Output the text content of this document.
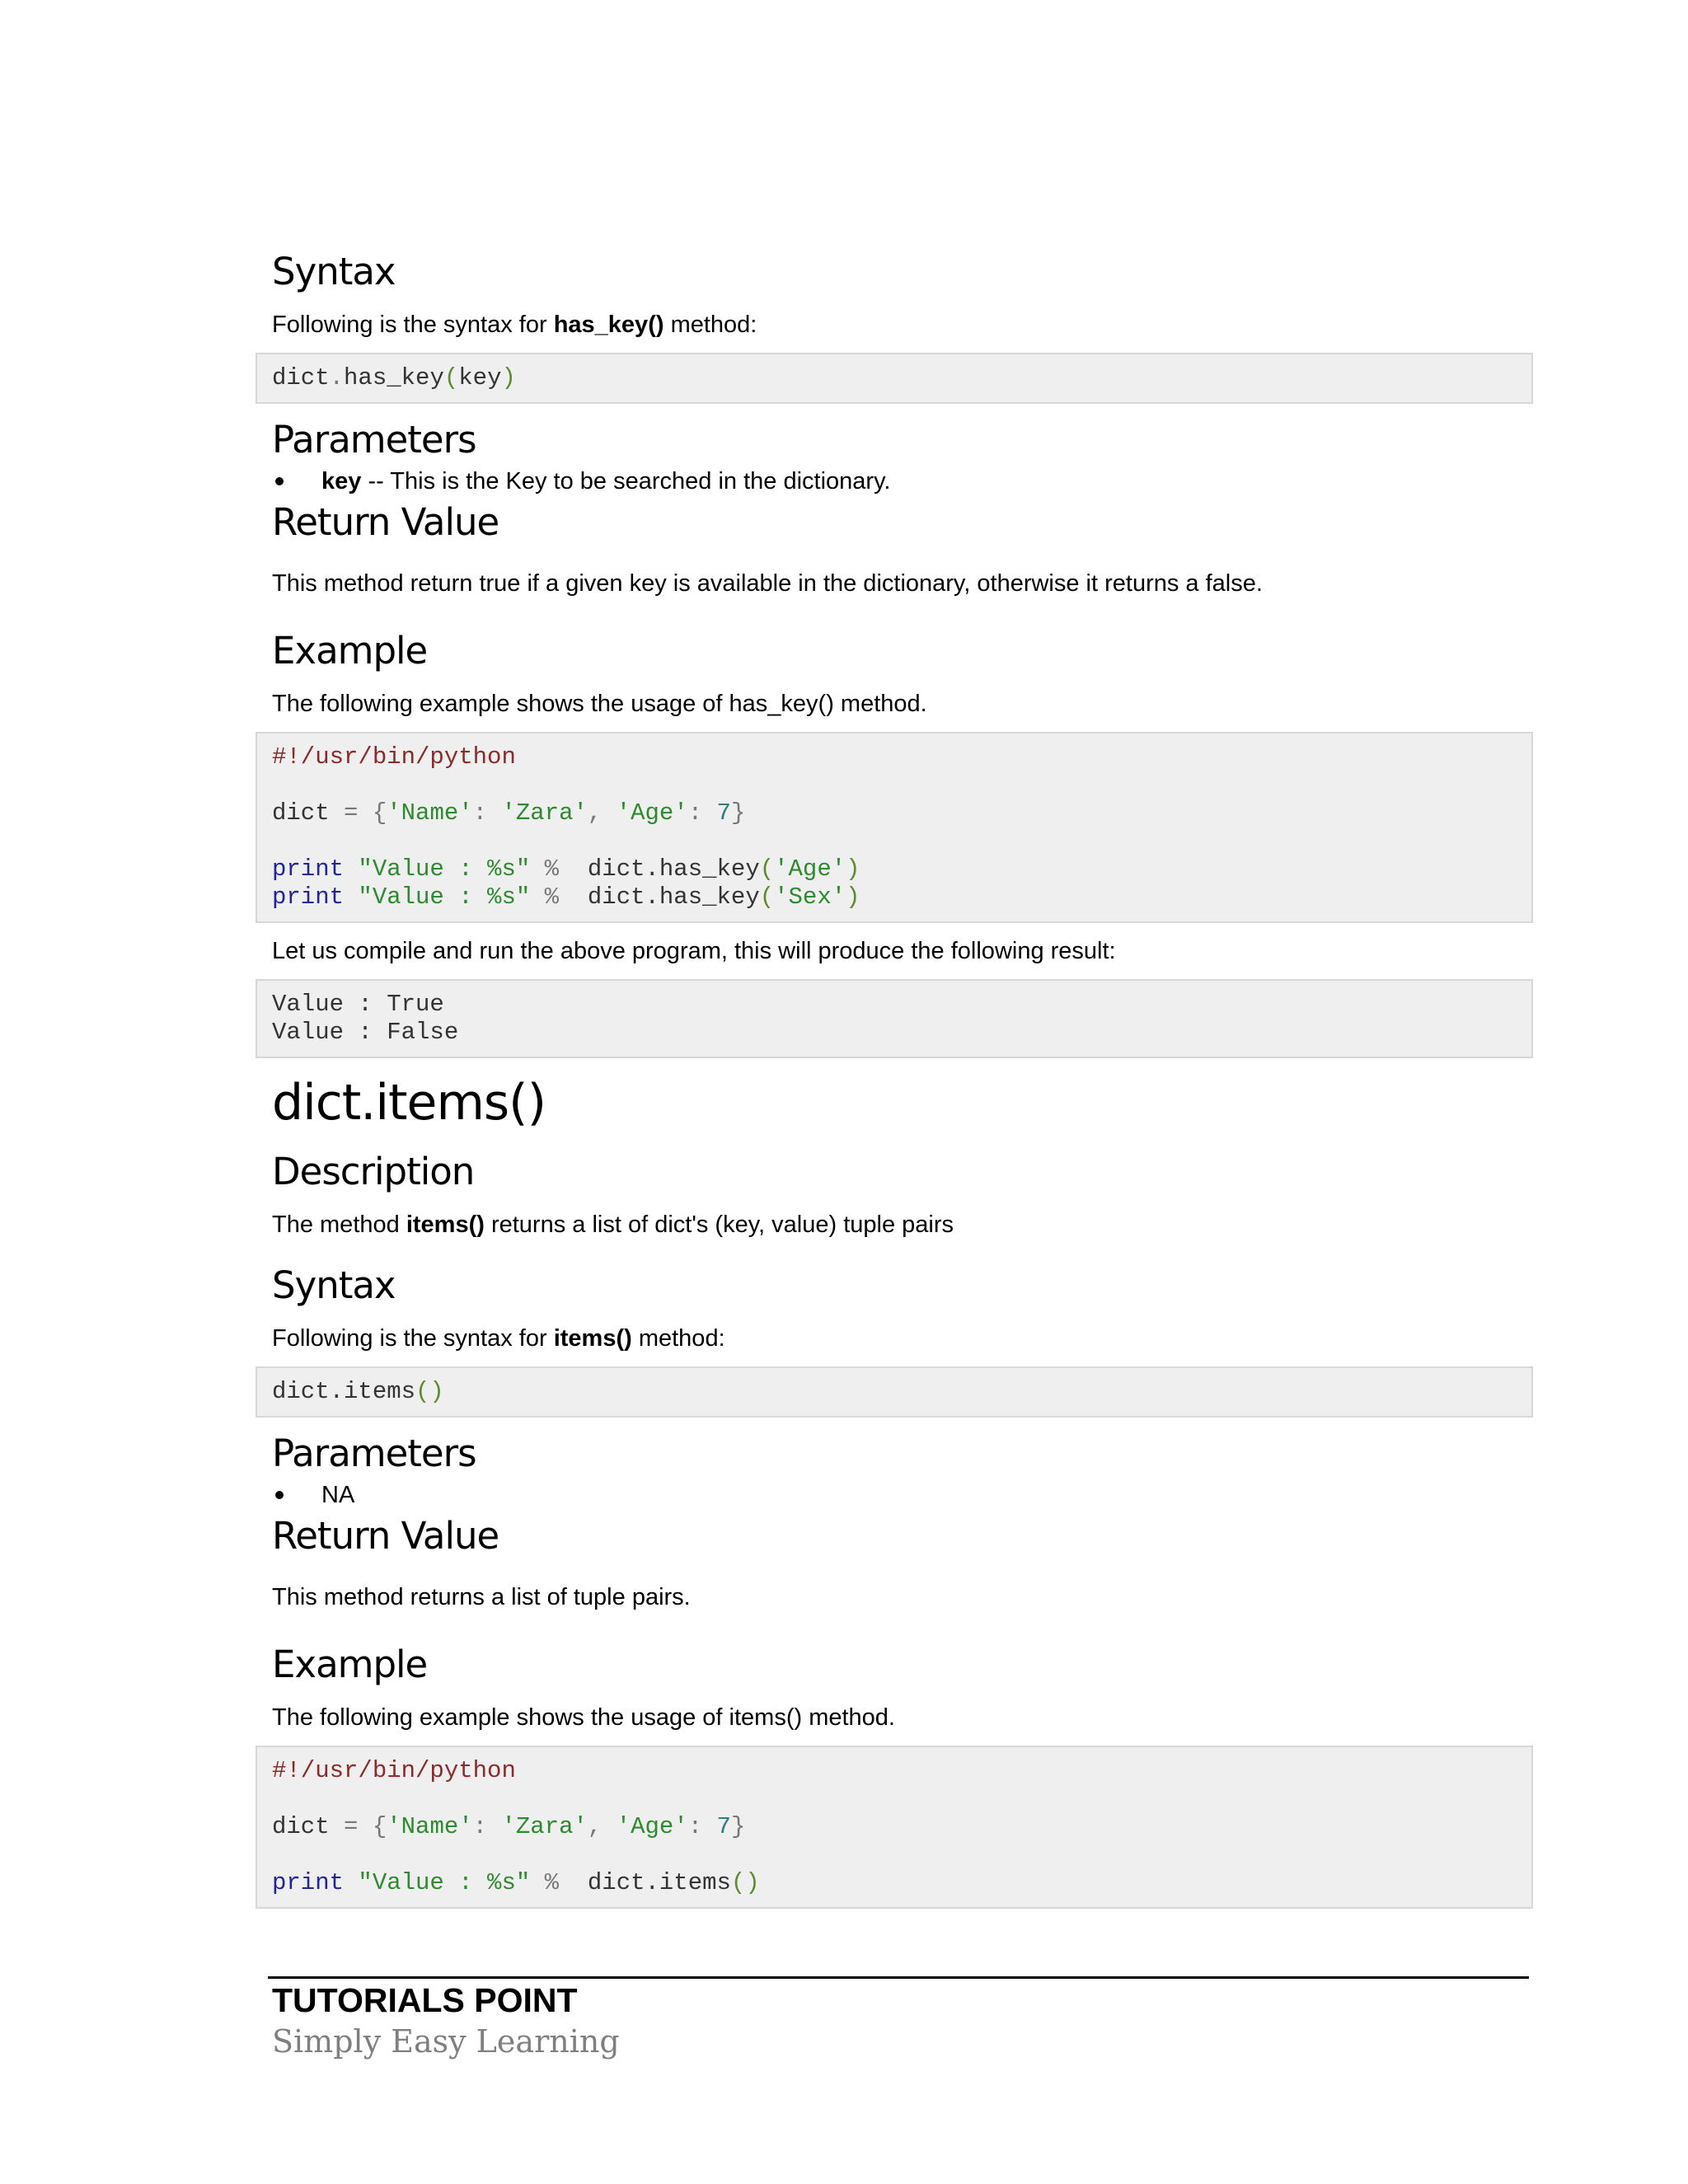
Syntax

Following is the syntax for has_key() method:

dict.has_key(key)
Parameters
key -- This is the Key to be searched in the dictionary.
Return Value

This method return true if a given key is available in the dictionary, otherwise it returns a false.

Example

The following example shows the usage of has_key() method.

#!/usr/bin/python

dict = {'Name': 'Zara', 'Age': 7}

print "Value : %s" %  dict.has_key('Age')
print "Value : %s" %  dict.has_key('Sex')

Let us compile and run the above program, this will produce the following result:

Value : True
Value : False
dict.items()
Description

The method items() returns a list of dict's (key, value) tuple pairs

Syntax

Following is the syntax for items() method:

dict.items()
Parameters
NA
Return Value

This method returns a list of tuple pairs.

Example

The following example shows the usage of items() method.

#!/usr/bin/python

dict = {'Name': 'Zara', 'Age': 7}

print "Value : %s" %  dict.items()
TUTORIALS POINT
Simply Easy Learning
